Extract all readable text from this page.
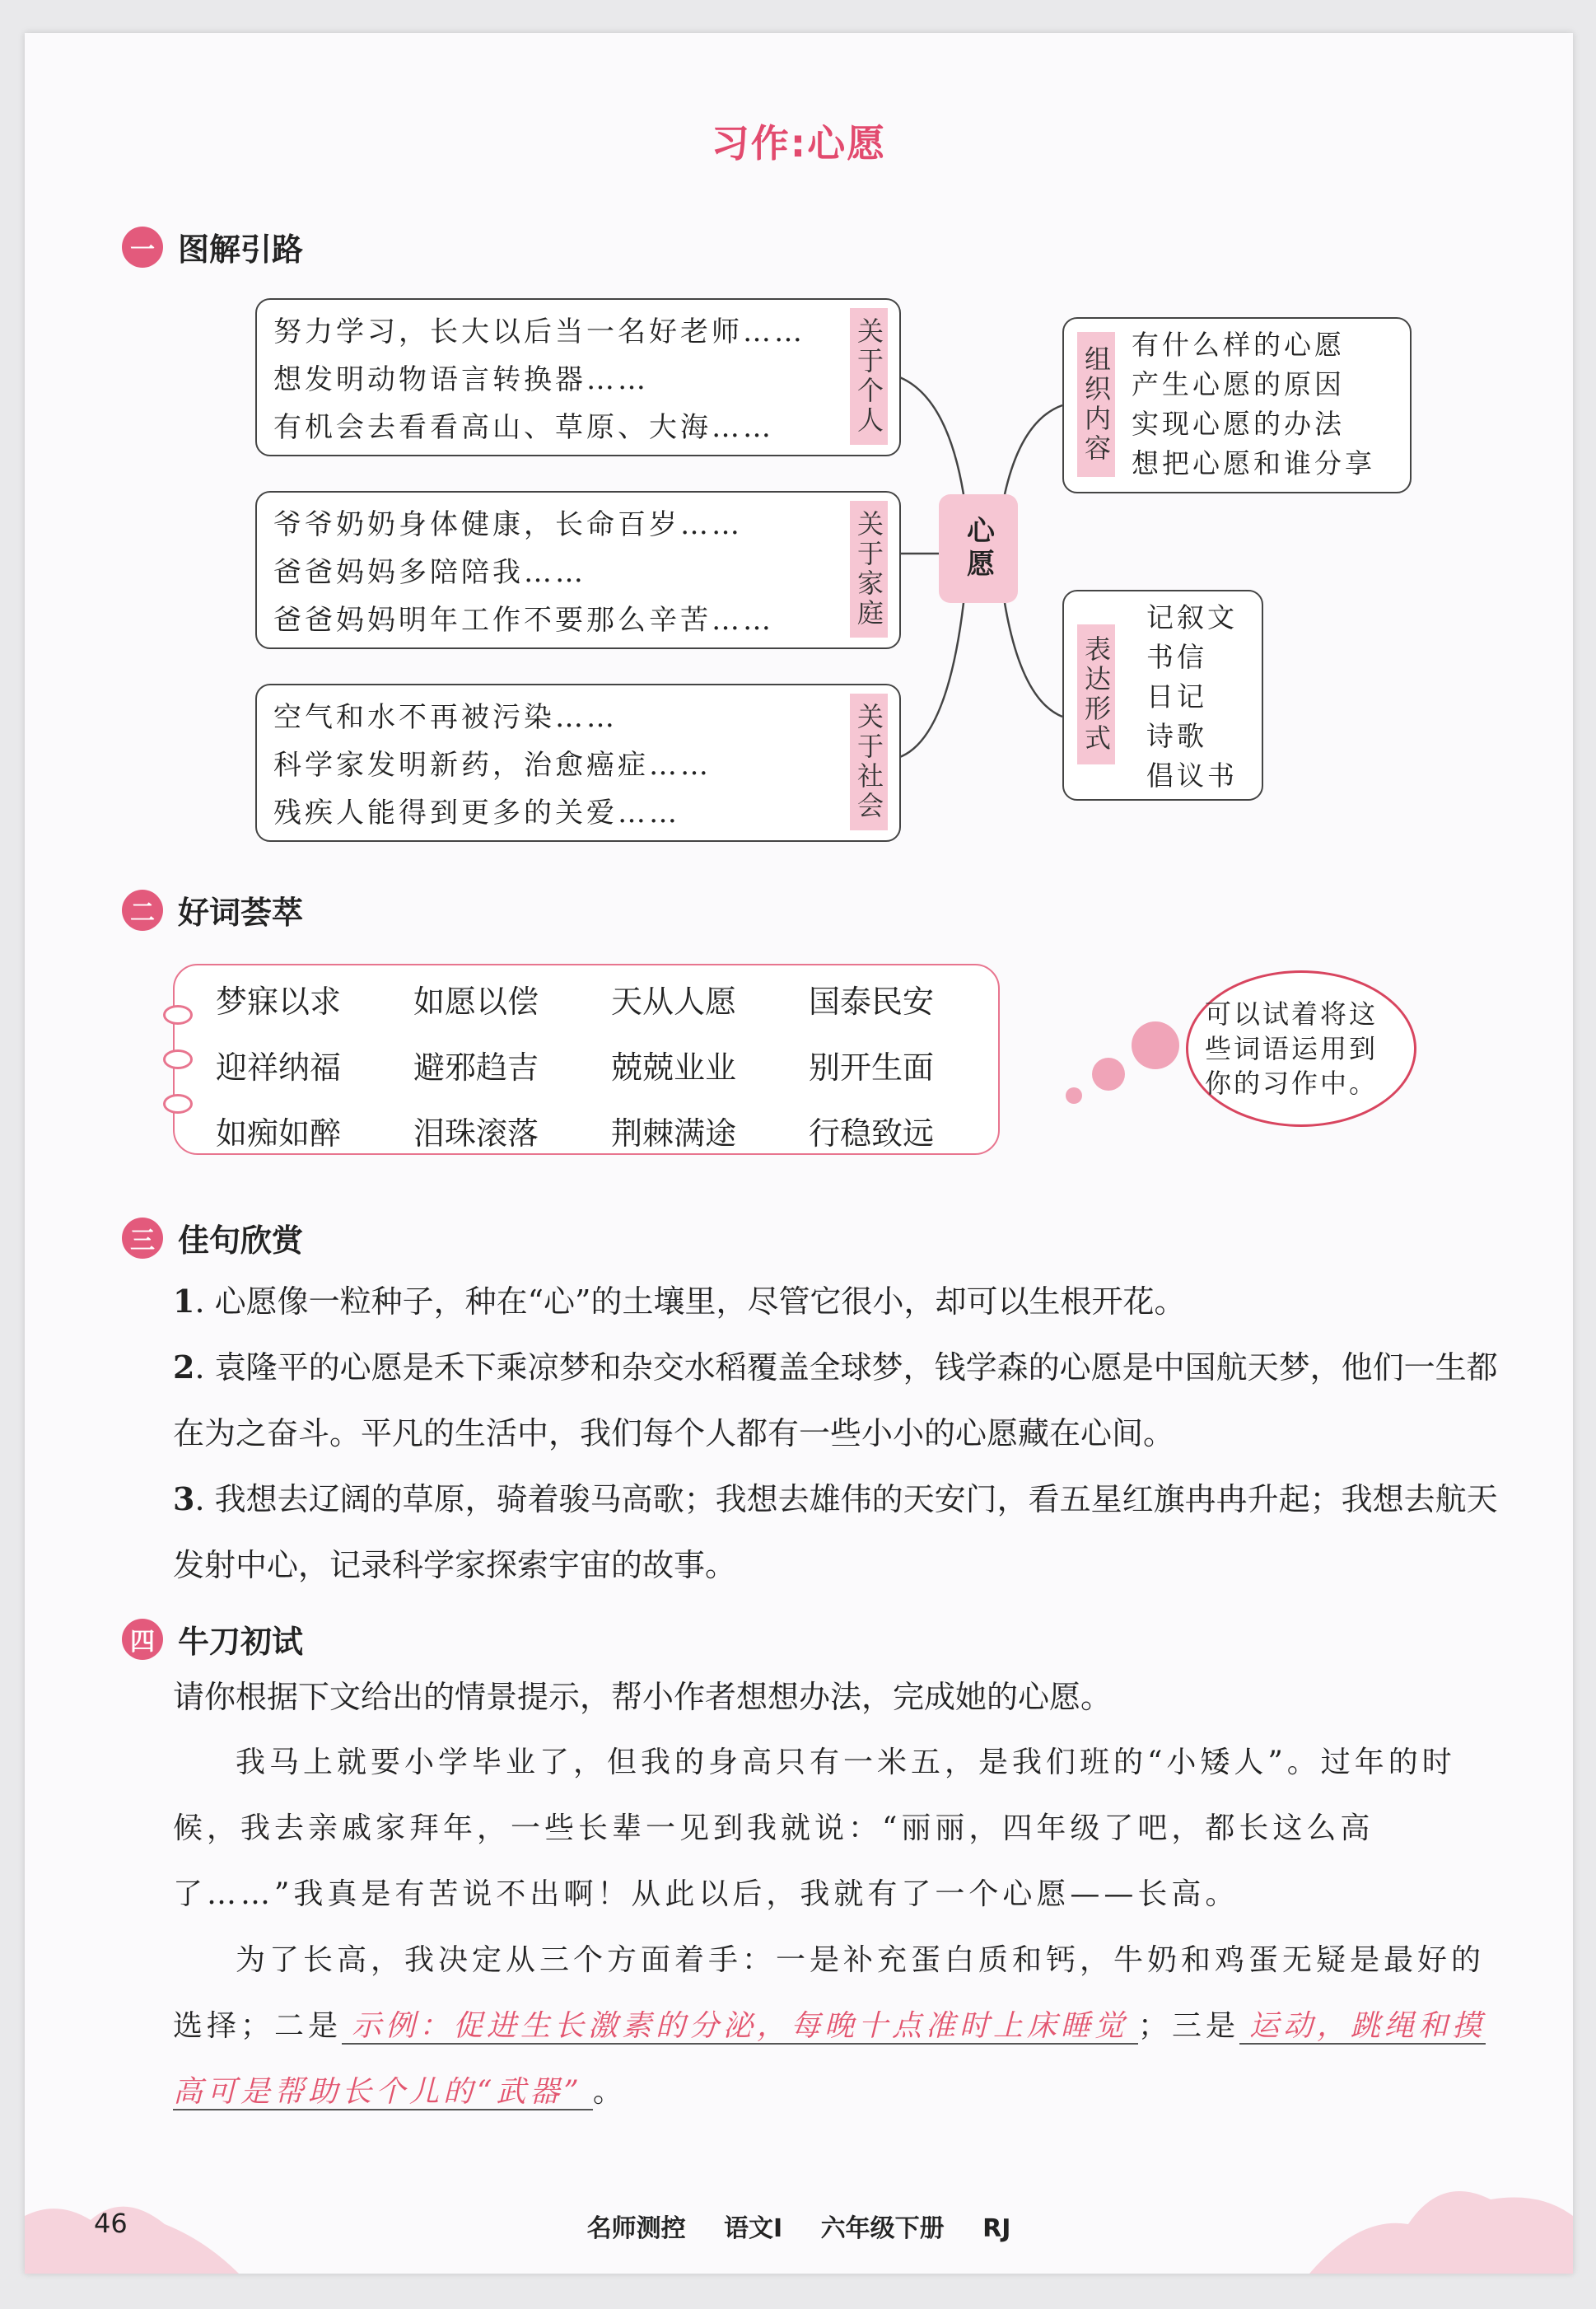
习作:心愿
一 图解引路
努力学习，长大以后当一名好老师……
想发明动物语言转换器……
有机会去看看高山、草原、大海……	关于个人
爷爷奶奶身体健康，长命百岁……
爸爸妈妈多陪陪我……
爸爸妈妈明年工作不要那么辛苦……	关于家庭
空气和水不再被污染……
科学家发明新药，治愈癌症……
残疾人能得到更多的关爱……	关于社会
心愿
组织内容
有什么样的心愿
产生心愿的原因
实现心愿的办法
想把心愿和谁分享
表达形式
记叙文
书信
日记
诗歌
倡议书
二 好词荟萃
梦寐以求	如愿以偿	天从人愿	国泰民安
迎祥纳福	避邪趋吉	兢兢业业	别开生面
如痴如醉	泪珠滚落	荆棘满途	行稳致远
可以试着将这些词语运用到你的习作中。
三 佳句欣赏
1. 心愿像一粒种子，种在“心”的土壤里，尽管它很小，却可以生根开花。
2. 袁隆平的心愿是禾下乘凉梦和杂交水稻覆盖全球梦，钱学森的心愿是中国航天梦，他们一生都在为之奋斗。平凡的生活中，我们每个人都有一些小小的心愿藏在心间。
3. 我想去辽阔的草原，骑着骏马高歌；我想去雄伟的天安门，看五星红旗冉冉升起；我想去航天发射中心，记录科学家探索宇宙的故事。
四 牛刀初试
请你根据下文给出的情景提示，帮小作者想想办法，完成她的心愿。
我马上就要小学毕业了，但我的身高只有一米五，是我们班的“小矮人”。过年的时候，我去亲戚家拜年，一些长辈一见到我就说：“丽丽，四年级了吧，都长这么高了……”我真是有苦说不出啊！从此以后，我就有了一个心愿——长高。
为了长高，我决定从三个方面着手：一是补充蛋白质和钙，牛奶和鸡蛋无疑是最好的选择；二是 示例：促进生长激素的分泌，每晚十点准时上床睡觉 ；三是 运动，跳绳和摸高可是帮助长个儿的“武器” 。
46	名师测控 语文Ⅰ 六年级下册 RJ
